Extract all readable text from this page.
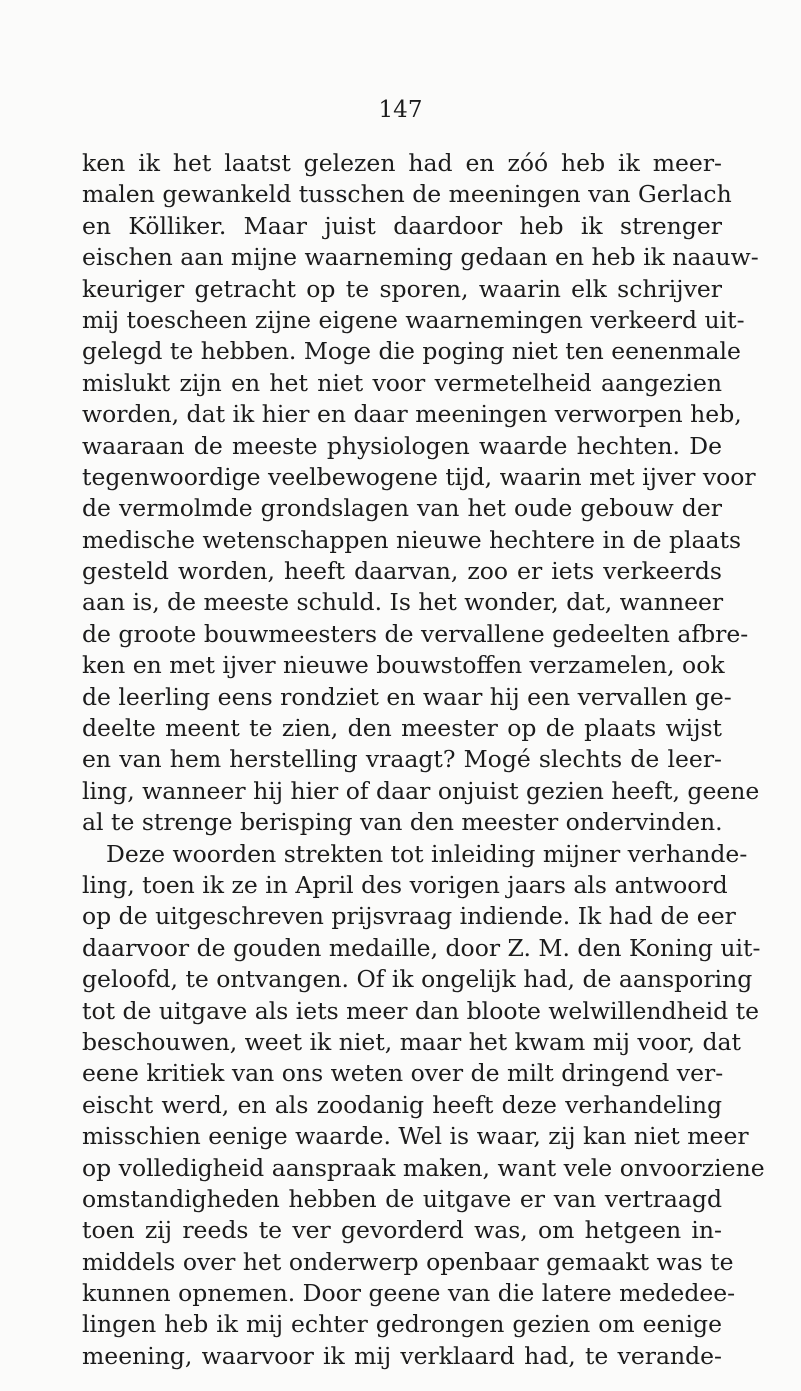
147
ken ik het laatst gelezen had en zóó heb ik meer-
malen gewankeld tusschen de meeningen van Gerlach
en Kölliker. Maar juist daardoor heb ik strenger
eischen aan mijne waarneming gedaan en heb ik naauw-
keuriger getracht op te sporen, waarin elk schrijver
mij toescheen zijne eigene waarnemingen verkeerd uit-
gelegd te hebben. Moge die poging niet ten eenenmale
mislukt zijn en het niet voor vermetelheid aangezien
worden, dat ik hier en daar meeningen verworpen heb,
waaraan de meeste physiologen waarde hechten. De
tegenwoordige veelbewogene tijd, waarin met ijver voor
de vermolmde grondslagen van het oude gebouw der
medische wetenschappen nieuwe hechtere in de plaats
gesteld worden, heeft daarvan, zoo er iets verkeerds
aan is, de meeste schuld. Is het wonder, dat, wanneer
de groote bouwmeesters de vervallene gedeelten afbre-
ken en met ijver nieuwe bouwstoffen verzamelen, ook
de leerling eens rondziet en waar hij een vervallen ge-
deelte meent te zien, den meester op de plaats wijst
en van hem herstelling vraagt? Mogé slechts de leer-
ling, wanneer hij hier of daar onjuist gezien heeft, geene
al te strenge berisping van den meester ondervinden.
Deze woorden strekten tot inleiding mijner verhande-
ling, toen ik ze in April des vorigen jaars als antwoord
op de uitgeschreven prijsvraag indiende. Ik had de eer
daarvoor de gouden medaille, door Z. M. den Koning uit-
geloofd, te ontvangen. Of ik ongelijk had, de aansporing
tot de uitgave als iets meer dan bloote welwillendheid te
beschouwen, weet ik niet, maar het kwam mij voor, dat
eene kritiek van ons weten over de milt dringend ver-
eischt werd, en als zoodanig heeft deze verhandeling
misschien eenige waarde. Wel is waar, zij kan niet meer
op volledigheid aanspraak maken, want vele onvoorziene
omstandigheden hebben de uitgave er van vertraagd
toen zij reeds te ver gevorderd was, om hetgeen in-
middels over het onderwerp openbaar gemaakt was te
kunnen opnemen. Door geene van die latere mededee-
lingen heb ik mij echter gedrongen gezien om eenige
meening, waarvoor ik mij verklaard had, te verande-
